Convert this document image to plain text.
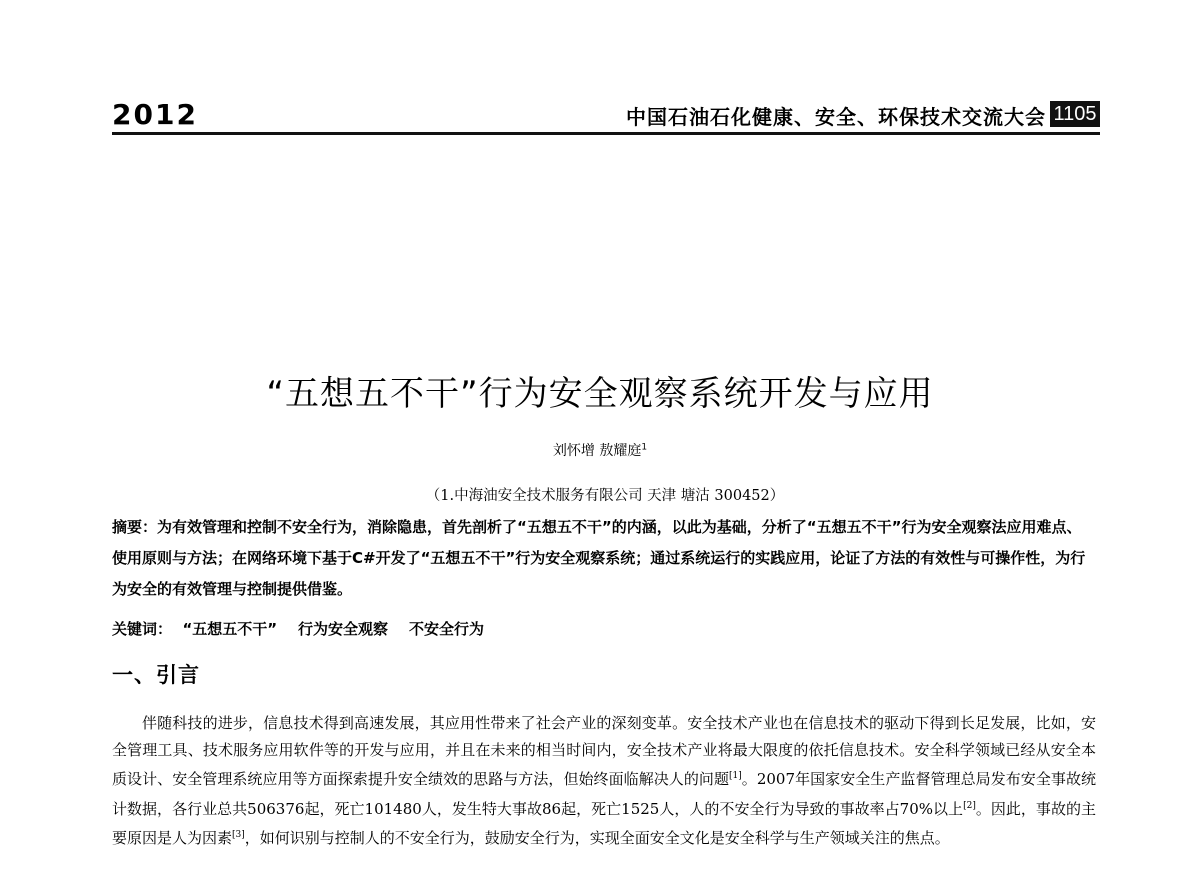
2012	中国石油石化健康、安全、环保技术交流大会 1105
“五想五不干”行为安全观察系统开发与应用
刘怀增 敖耀庭$^1$
（1.中海油安全技术服务有限公司 天津 塘沽 300452）
摘要：为有效管理和控制不安全行为，消除隐患，首先剖析了“五想五不干”的内涵，以此为基础，分析了“五想五不干”行为安全观察法应用难点、使用原则与方法；在网络环境下基于C#开发了“五想五不干”行为安全观察系统；通过系统运行的实践应用，论证了方法的有效性与可操作性，为行为安全的有效管理与控制提供借鉴。
关键词：  “五想五不干”    行为安全观察    不安全行为
一、引言
伴随科技的进步，信息技术得到高速发展，其应用性带来了社会产业的深刻变革。安全技术产业也在信息技术的驱动下得到长足发展，比如，安全管理工具、技术服务应用软件等的开发与应用，并且在未来的相当时间内，安全技术产业将最大限度的依托信息技术。安全科学领域已经从安全本质设计、安全管理系统应用等方面探索提升安全绩效的思路与方法，但始终面临解决人的问题[1]。2007年国家安全生产监督管理总局发布安全事故统计数据，各行业总共506376起，死亡101480人，发生特大事故86起，死亡1525人，人的不安全行为导致的事故率占70%以上[2]。因此，事故的主要原因是人为因素[3]，如何识别与控制人的不安全行为，鼓励安全行为，实现全面安全文化是安全科学与生产领域关注的焦点。
